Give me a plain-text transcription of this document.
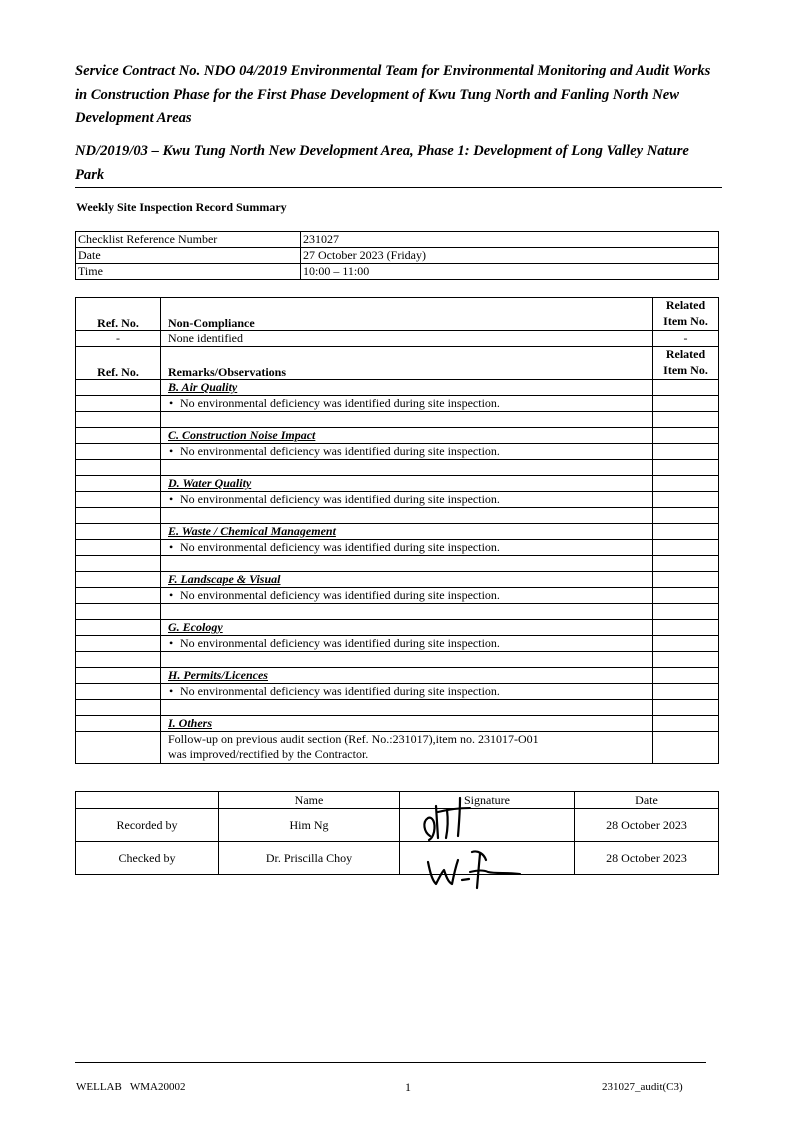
Service Contract No. NDO 04/2019 Environmental Team for Environmental Monitoring and Audit Works in Construction Phase for the First Phase Development of Kwu Tung North and Fanling North New Development Areas
ND/2019/03 – Kwu Tung North New Development Area, Phase 1: Development of Long Valley Nature Park
Weekly Site Inspection Record Summary
Checklist Reference Number	231027
Date	27 October 2023 (Friday)
Time	10:00 – 11:00
Ref. No.	Non-Compliance	Related
Item No.
-	None identified	-
Ref. No.	Remarks/Observations	Related
Item No.
	B. Air Quality	
	• No environmental deficiency was identified during site inspection.	

	C. Construction Noise Impact	
	• No environmental deficiency was identified during site inspection.	

	D. Water Quality	
	• No environmental deficiency was identified during site inspection.	

	E. Waste / Chemical Management	
	• No environmental deficiency was identified during site inspection.	

	F. Landscape & Visual	
	• No environmental deficiency was identified during site inspection.	

	G. Ecology	
	• No environmental deficiency was identified during site inspection.	

	H. Permits/Licences	
	• No environmental deficiency was identified during site inspection.	

	I. Others	
	Follow-up on previous audit section (Ref. No.:231017),item no. 231017-O01
was improved/rectified by the Contractor.	
	Name	Signature	Date
Recorded by	Him Ng		28 October 2023
Checked by	Dr. Priscilla Choy		28 October 2023
WELLAB   WMA20002	1	231027_audit(C3)
